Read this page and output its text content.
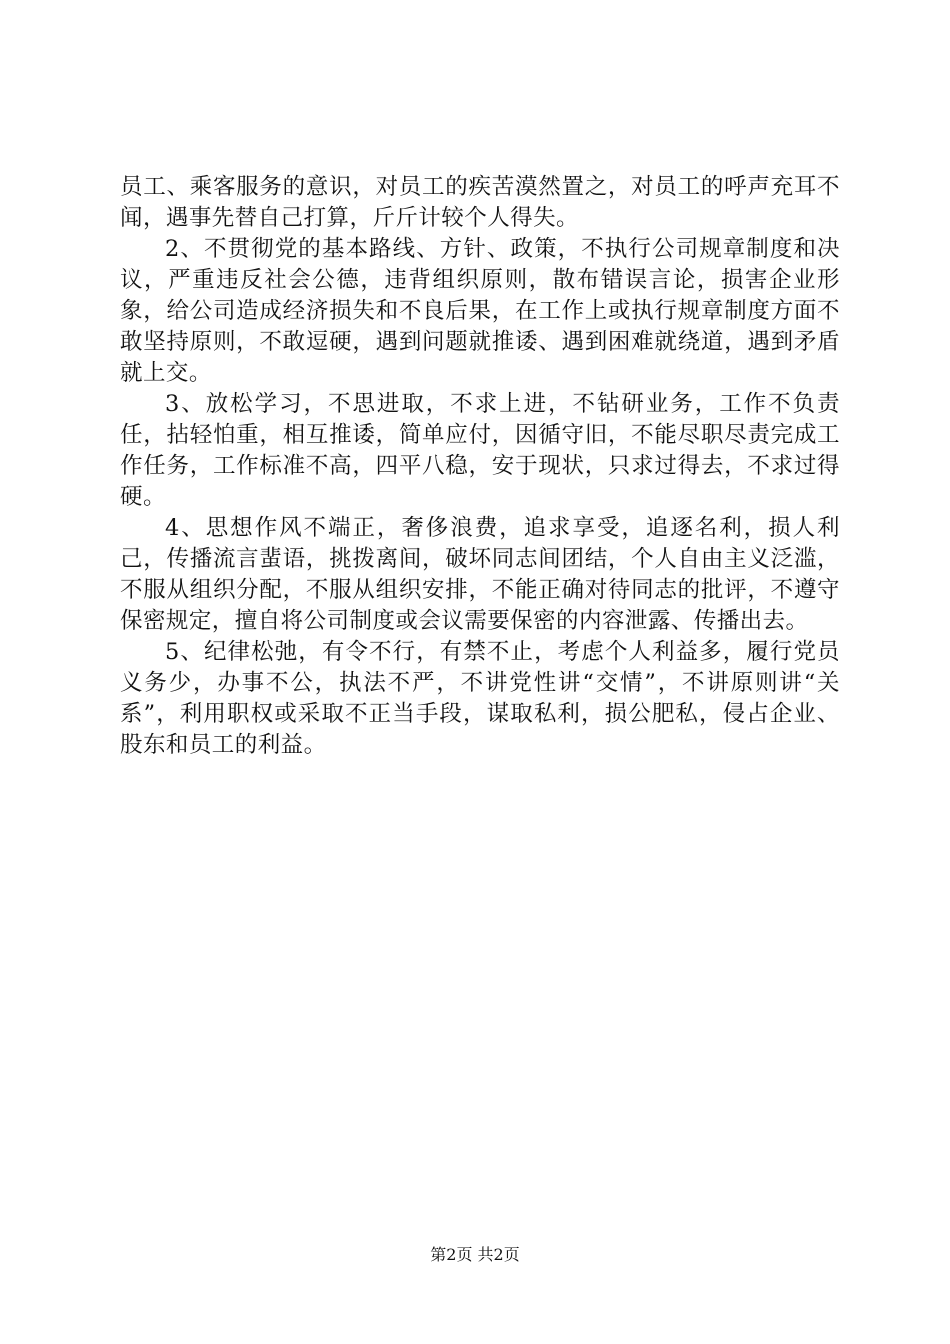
员工、乘客服务的意识，对员工的疾苦漠然置之，对员工的呼声充耳不闻，遇事先替自己打算，斤斤计较个人得失。

2、不贯彻党的基本路线、方针、政策，不执行公司规章制度和决议，严重违反社会公德，违背组织原则，散布错误言论，损害企业形象，给公司造成经济损失和不良后果，在工作上或执行规章制度方面不敢坚持原则，不敢逗硬，遇到问题就推诿、遇到困难就绕道，遇到矛盾就上交。

3、放松学习，不思进取，不求上进，不钻研业务，工作不负责任，拈轻怕重，相互推诿，简单应付，因循守旧，不能尽职尽责完成工作任务，工作标准不高，四平八稳，安于现状，只求过得去，不求过得硬。

4、思想作风不端正，奢侈浪费，追求享受，追逐名利，损人利己，传播流言蜚语，挑拨离间，破坏同志间团结，个人自由主义泛滥，不服从组织分配，不服从组织安排，不能正确对待同志的批评，不遵守保密规定，擅自将公司制度或会议需要保密的内容泄露、传播出去。

5、纪律松弛，有令不行，有禁不止，考虑个人利益多，履行党员义务少，办事不公，执法不严，不讲党性讲“交情”，不讲原则讲“关系”，利用职权或采取不正当手段，谋取私利，损公肥私，侵占企业、股东和员工的利益。

第2页 共2页
